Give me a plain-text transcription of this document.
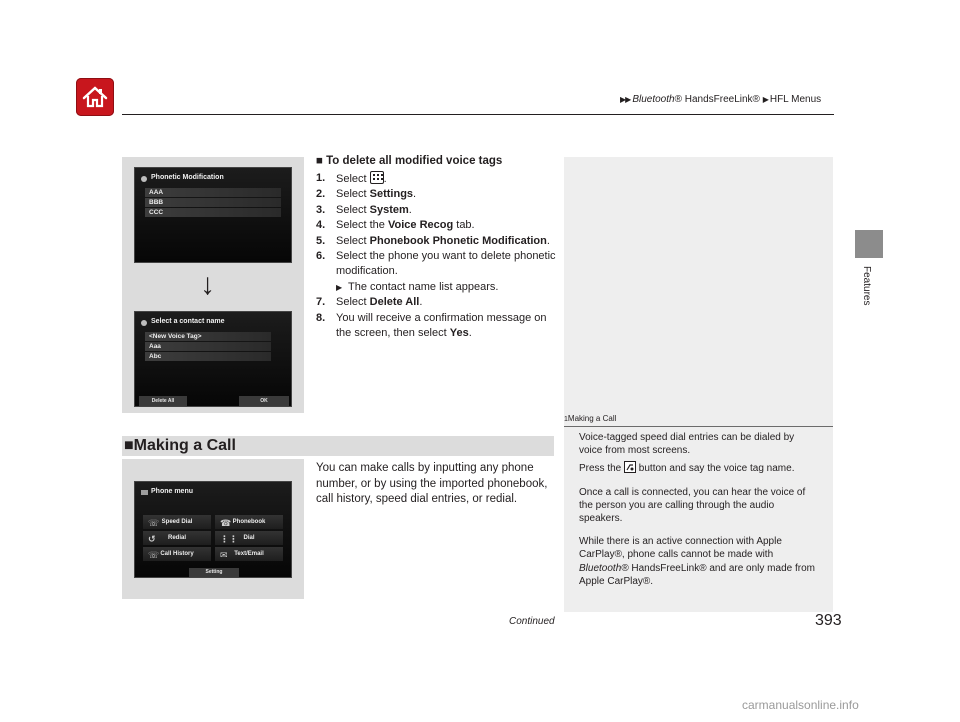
▶▶ Bluetooth® HandsFreeLink® ▶ HFL Menus
Features
Phonetic Modification
AAA
BBB
CCC
↓
Select a contact name
<New Voice Tag>
Aaa
Abc
Delete All	OK
■ To delete all modified voice tags
1. Select
.
2. Select Settings.
3. Select System.
4. Select the Voice Recog tab.
5. Select Phonebook Phonetic Modification.
6. Select the phone you want to delete phonetic modification.
▶ The contact name list appears.
7. Select Delete All.
8. You will receive a confirmation message on the screen, then select Yes.
1Making a Call

Voice-tagged speed dial entries can be dialed by voice from most screens.

Press the
button and say the voice tag name.

Once a call is connected, you can hear the voice of the person you are calling through the audio speakers.

While there is an active connection with Apple CarPlay®, phone calls cannot be made with Bluetooth® HandsFreeLink® and are only made from Apple CarPlay®.

■Making a Call
Phone menu
☏ Speed Dial	☎ Phonebook
↺ Redial	⋮⋮ Dial
☏ Call History	✉ Text/Email
Setting
You can make calls by inputting any phone number, or by using the imported phonebook, call history, speed dial entries, or redial.
Continued	393
carmanualsonline.info
